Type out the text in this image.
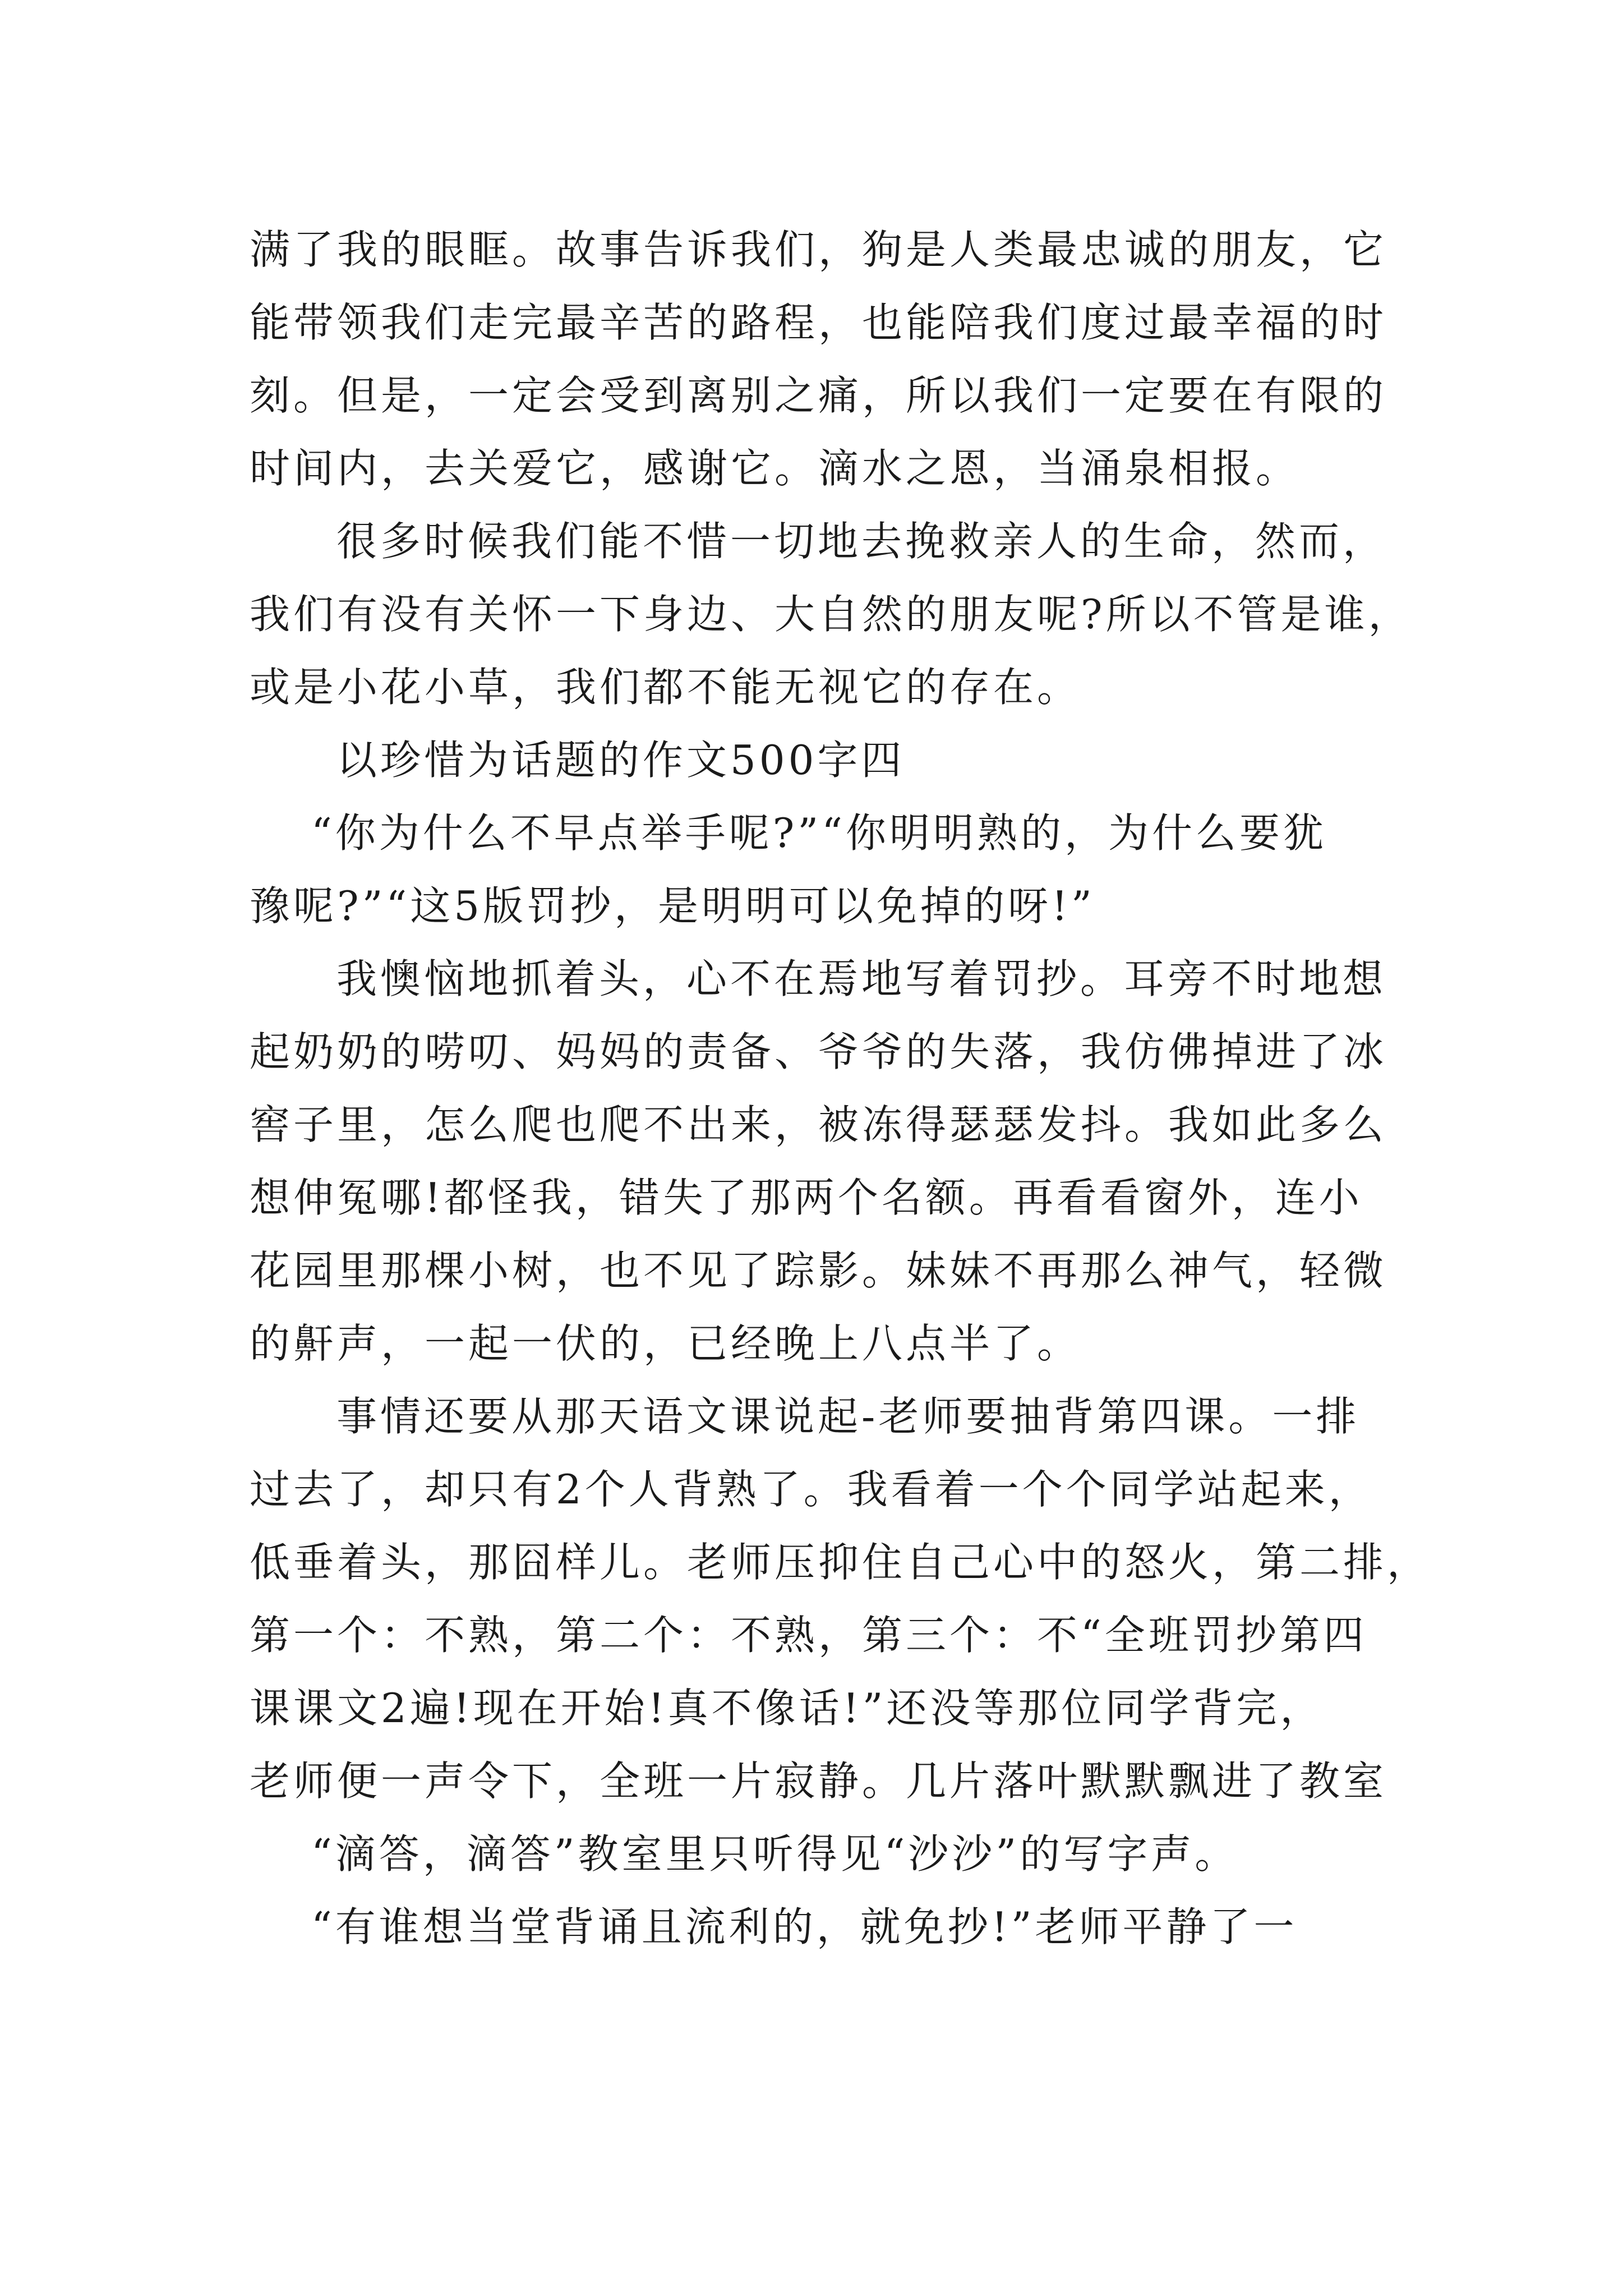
满了我的眼眶。故事告诉我们，狗是人类最忠诚的朋友，它
能带领我们走完最辛苦的路程，也能陪我们度过最幸福的时
刻。但是，一定会受到离别之痛，所以我们一定要在有限的
时间内，去关爱它，感谢它。滴水之恩，当涌泉相报。
很多时候我们能不惜一切地去挽救亲人的生命，然而，
我们有没有关怀一下身边、大自然的朋友呢?所以不管是谁，
或是小花小草，我们都不能无视它的存在。
以珍惜为话题的作文500字四
“你为什么不早点举手呢?”“你明明熟的，为什么要犹
豫呢?”“这5版罚抄，是明明可以免掉的呀!”
我懊恼地抓着头，心不在焉地写着罚抄。耳旁不时地想
起奶奶的唠叨、妈妈的责备、爷爷的失落，我仿佛掉进了冰
窖子里，怎么爬也爬不出来，被冻得瑟瑟发抖。我如此多么
想伸冤哪!都怪我，错失了那两个名额。再看看窗外，连小
花园里那棵小树，也不见了踪影。妹妹不再那么神气，轻微
的鼾声，一起一伏的，已经晚上八点半了。
事情还要从那天语文课说起-老师要抽背第四课。一排
过去了，却只有2个人背熟了。我看着一个个同学站起来，
低垂着头，那囧样儿。老师压抑住自己心中的怒火，第二排，
第一个：不熟，第二个：不熟，第三个：不“全班罚抄第四
课课文2遍!现在开始!真不像话!”还没等那位同学背完，
老师便一声令下，全班一片寂静。几片落叶默默飘进了教室
“滴答，滴答”教室里只听得见“沙沙”的写字声。
“有谁想当堂背诵且流利的，就免抄!”老师平静了一
